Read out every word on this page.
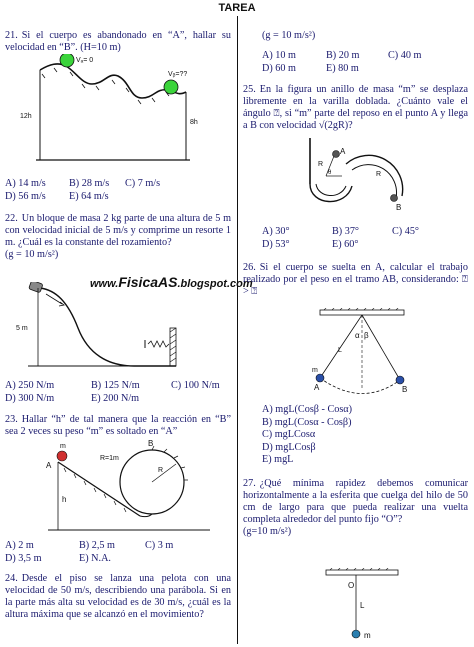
TAREA
21. Si el cuerpo es abandonado en “A”, hallar su velocidad en “B”. (H=10 m)
Vₐ= 0
Vᵦ=??
12h
8h
A) 14 m/s	B) 28 m/s	C) 7 m/s
D) 56 m/s	E) 64 m/s
22. Un bloque de masa 2 kg parte de una altura de 5 m con velocidad inicial de 5 m/s y comprime un resorte 1 m. ¿Cuál es la constante del rozamiento?
(g = 10 m/s²)
www.FisicaAS.blogspot.com
5 m
A) 250 N/m	B) 125 N/m	C) 100 N/m
D) 300 N/m	E) 200 N/m
23. Hallar “h” de tal manera que la reacción en “B” sea 2 veces su peso “m” es soltado en “A”
A
m	B
R=1m
R
h
A) 2 m	B) 2,5 m	C) 3 m
D) 3,5 m	E) N.A.
24. Desde el piso se lanza una pelota con una velocidad de 50 m/s, describiendo una parábola. Si en la parte más alta su velocidad es de 30 m/s, ¿cuál es la altura máxima que se alcanzó en el movimiento?
(g = 10 m/s²)
A) 10 m	B) 20 m	C) 40 m
D) 60 m	E) 80 m
25. En la figura un anillo de masa “m” se desplaza libremente en la varilla doblada. ¿Cuánto vale el ángulo ⍰, si “m” parte del reposo en el punto A y llega a B con velocidad √(2gR)?
A
B
R
R
θ
A) 30°	B) 37°	C) 45°
D) 53°	E) 60°
26. Si el cuerpo se suelta en A, calcular el trabajo realizado por el peso en el tramo AB, considerando: ⍰ > ⍰
α β
m
A	B
L
A) mgL(Cosβ - Cosα)
B) mgL(Cosα - Cosβ)
C) mgLCosα
D) mgLCosβ
E) mgL
27. ¿Qué mínima rapidez debemos comunicar horizontalmente a la esferita que cuelga del hilo de 50 cm de largo para que pueda realizar una vuelta completa alrededor del punto fijo “O”?
(g=10 m/s²)
O
L
m
